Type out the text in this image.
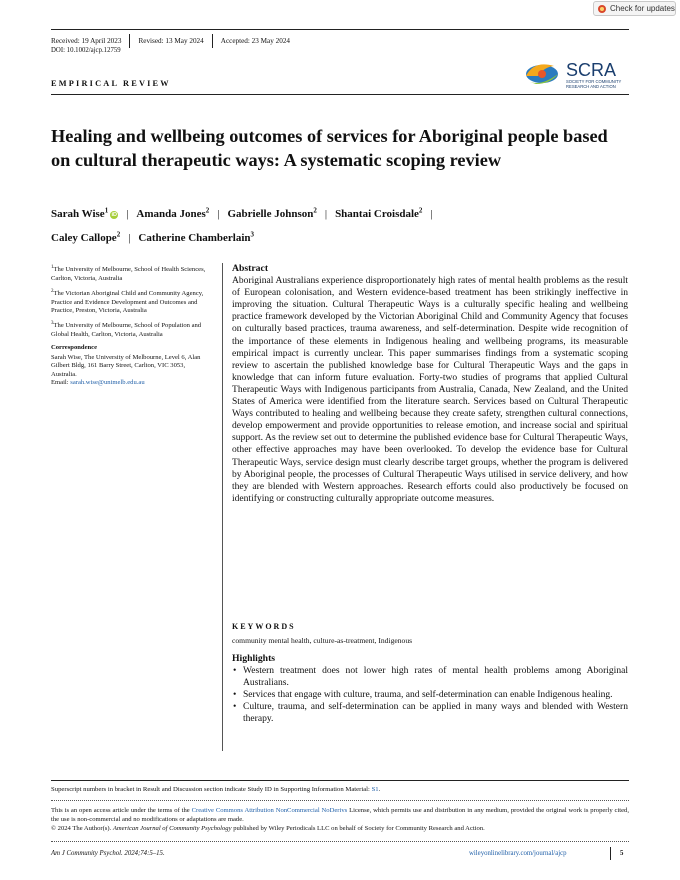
Check for updates
Received: 19 April 2023	Revised: 13 May 2024	Accepted: 23 May 2024
DOI: 10.1002/ajcp.12759
EMPIRICAL REVIEW
SCRA
SOCIETY FOR COMMUNITY
RESEARCH AND ACTION
Healing and wellbeing outcomes of services for Aboriginal people based on cultural therapeutic ways: A systematic scoping review
Sarah Wise$^1$iD | Amanda Jones$^2$ | Gabrielle Johnson$^2$ | Shantai Croisdale$^2$ |
Caley Callope$^2$ | Catherine Chamberlain$^3$

$^1$The University of Melbourne, School of Health Sciences, Carlton, Victoria, Australia

$^2$The Victorian Aboriginal Child and Community Agency, Practice and Evidence Development and Outcomes and Practice, Preston, Victoria, Australia

$^3$The University of Melbourne, School of Population and Global Health, Carlton, Victoria, Australia

Correspondence

Sarah Wise, The University of Melbourne, Level 6, Alan Gilbert Bldg, 161 Barry Street, Carlton, VIC 3053, Australia.
Email: sarah.wise@unimelb.edu.au

Abstract

Aboriginal Australians experience disproportionately high rates of mental health problems as the result of European colonisation, and Western evidence-based treatment has been strikingly ineffective in improving the situation. Cultural Therapeutic Ways is a culturally specific healing and wellbeing practice framework developed by the Victorian Aboriginal Child and Community Agency that focuses on culturally based practices, trauma awareness, and self-determination. Despite wide recognition of the importance of these elements in Indigenous healing and wellbeing programs, its measurable empirical impact is currently unclear. This paper summarises findings from a systematic scoping review to ascertain the published knowledge base for Cultural Therapeutic Ways and the gaps in knowledge that can inform future evaluation. Forty-two studies of programs that applied Cultural Therapeutic Ways with Indigenous participants from Australia, Canada, New Zealand, and the United States of America were identified from the literature search. Services based on Cultural Therapeutic Ways contributed to healing and wellbeing because they create safety, strengthen cultural connections, develop empowerment and provide opportunities to release emotion, and increase social and spiritual support. As the review set out to determine the published evidence base for Cultural Therapeutic Ways, other effective approaches may have been overlooked. To develop the evidence base for Cultural Therapeutic Ways, service design must clearly describe target groups, whether the program is delivered by Aboriginal people, the processes of Cultural Therapeutic Ways utilised in service delivery, and how they are blended with Western approaches. Research efforts could also productively be focused on identifying or constructing culturally appropriate outcome measures.

KEYWORDS
community mental health, culture-as-treatment, Indigenous
Highlights
• Western treatment does not lower high rates of mental health problems among Aboriginal Australians.
• Services that engage with culture, trauma, and self-determination can enable Indigenous healing.
• Culture, trauma, and self-determination can be applied in many ways and blended with Western therapy.
Superscript numbers in bracket in Result and Discussion section indicate Study ID in Supporting Information Material: S1.
This is an open access article under the terms of the Creative Commons Attribution NonCommercial NoDerivs License, which permits use and distribution in any medium, provided the original work is properly cited, the use is non-commercial and no modifications or adaptations are made.
© 2024 The Author(s). American Journal of Community Psychology published by Wiley Periodicals LLC on behalf of Society for Community Research and Action.
Am J Community Psychol. 2024;74:5–15.	wileyonlinelibrary.com/journal/ajcp	5
